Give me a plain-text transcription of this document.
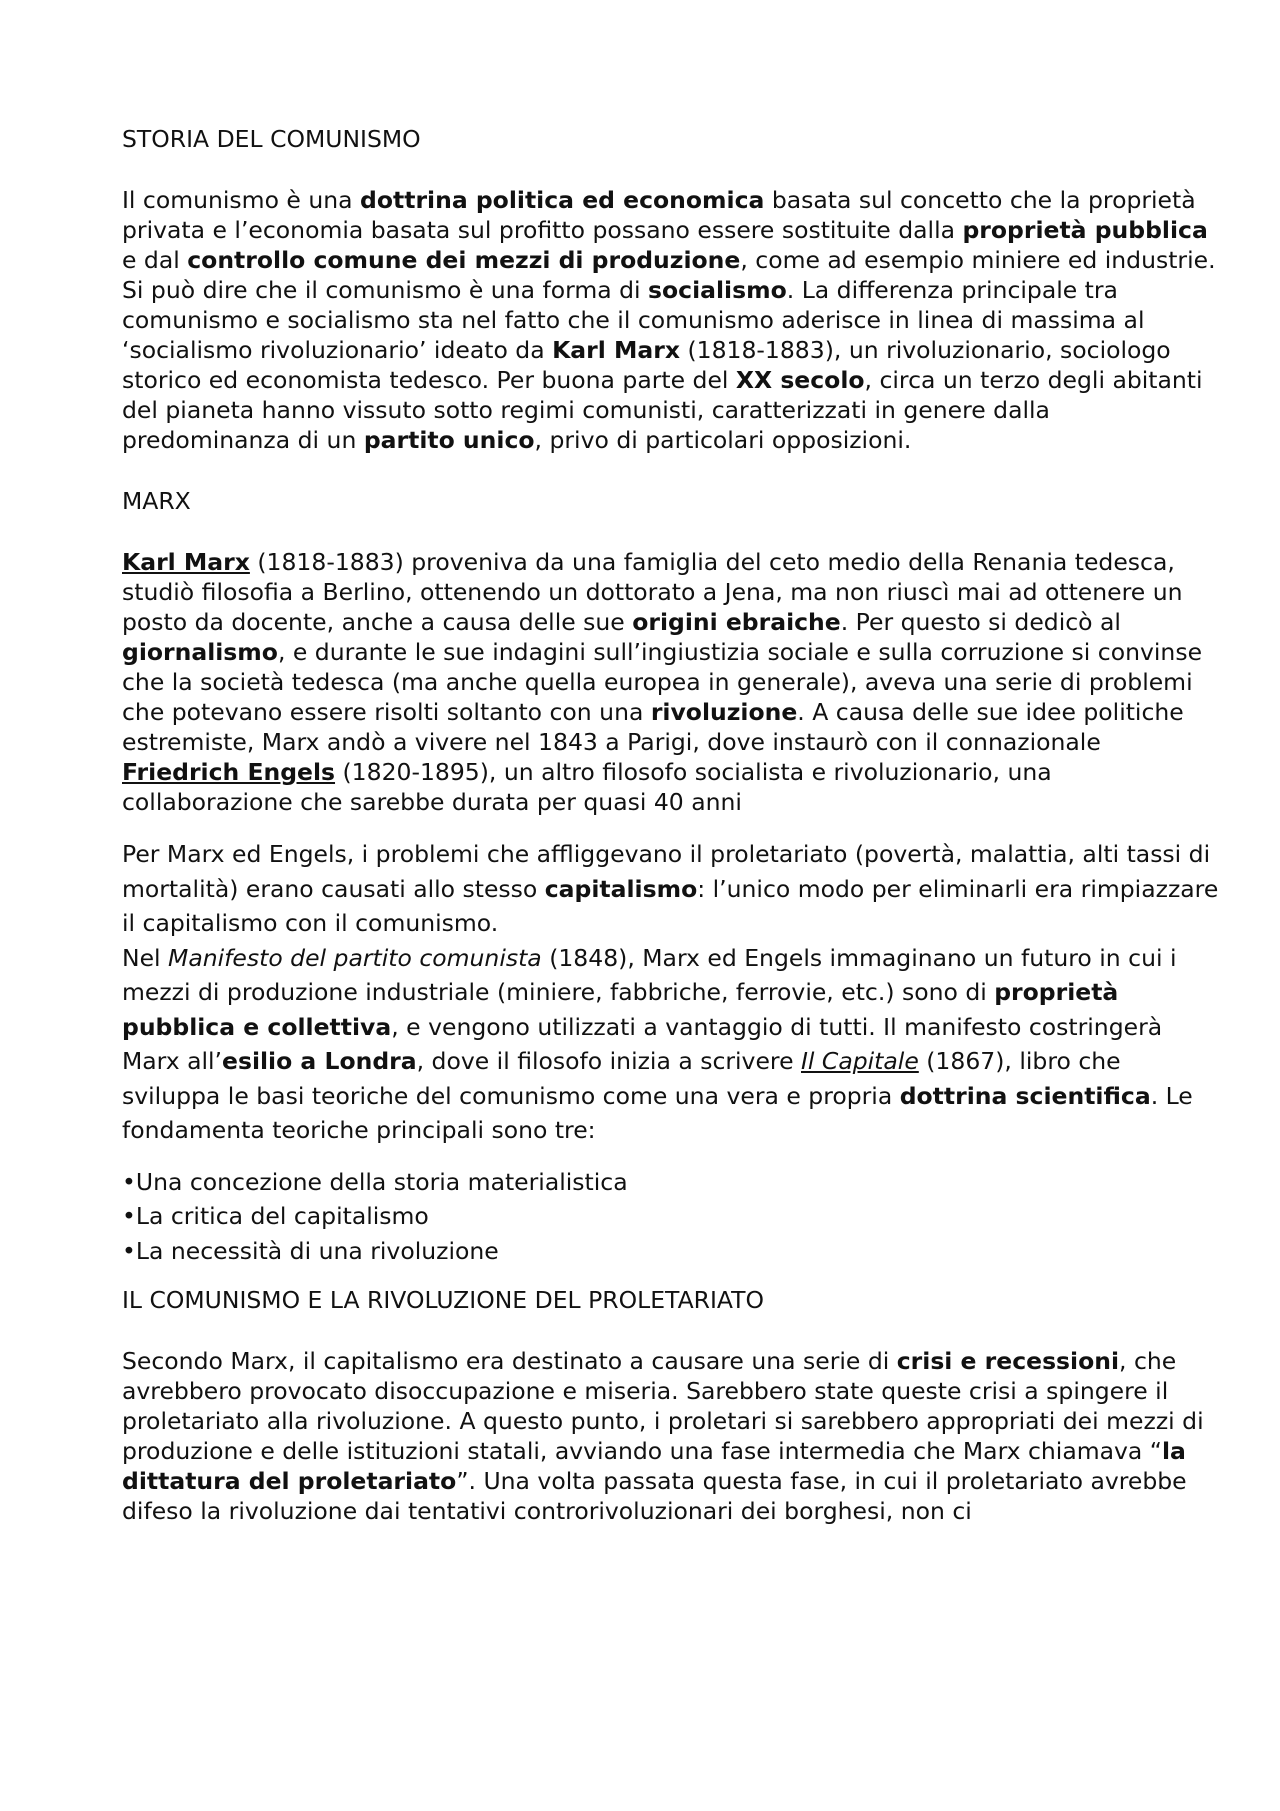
STORIA DEL COMUNISMO

Il comunismo è una dottrina politica ed economica basata sul concetto che la proprietà privata e l’economia basata sul profitto possano essere sostituite dalla proprietà pubblica e dal controllo comune dei mezzi di produzione, come ad esempio miniere ed industrie. Si può dire che il comunismo è una forma di socialismo. La differenza principale tra comunismo e socialismo sta nel fatto che il comunismo aderisce in linea di massima al ‘socialismo rivoluzionario’ ideato da Karl Marx (1818-1883), un rivoluzionario, sociologo storico ed economista tedesco. Per buona parte del XX secolo, circa un terzo degli abitanti del pianeta hanno vissuto sotto regimi comunisti, caratterizzati in genere dalla predominanza di un partito unico, privo di particolari opposizioni.

MARX

Karl Marx (1818-1883) proveniva da una famiglia del ceto medio della Renania tedesca, studiò filosofia a Berlino, ottenendo un dottorato a Jena, ma non riuscì mai ad ottenere un posto da docente, anche a causa delle sue origini ebraiche. Per questo si dedicò al giornalismo, e durante le sue indagini sull’ingiustizia sociale e sulla corruzione si convinse che la società tedesca (ma anche quella europea in generale), aveva una serie di problemi che potevano essere risolti soltanto con una rivoluzione. A causa delle sue idee politiche estremiste, Marx andò a vivere nel 1843 a Parigi, dove instaurò con il connazionale Friedrich Engels (1820-1895), un altro filosofo socialista e rivoluzionario, una collaborazione che sarebbe durata per quasi 40 anni

Per Marx ed Engels, i problemi che affliggevano il proletariato (povertà, malattia, alti tassi di mortalità) erano causati allo stesso capitalismo: l’unico modo per eliminarli era rimpiazzare il capitalismo con il comunismo.
Nel Manifesto del partito comunista (1848), Marx ed Engels immaginano un futuro in cui i mezzi di produzione industriale (miniere, fabbriche, ferrovie, etc.) sono di proprietà pubblica e collettiva, e vengono utilizzati a vantaggio di tutti. Il manifesto costringerà Marx all’esilio a Londra, dove il filosofo inizia a scrivere Il Capitale (1867), libro che sviluppa le basi teoriche del comunismo come una vera e propria dottrina scientifica. Le fondamenta teoriche principali sono tre:

• Una concezione della storia materialistica
• La critica del capitalismo
• La necessità di una rivoluzione
IL COMUNISMO E LA RIVOLUZIONE DEL PROLETARIATO

Secondo Marx, il capitalismo era destinato a causare una serie di crisi e recessioni, che avrebbero provocato disoccupazione e miseria. Sarebbero state queste crisi a spingere il proletariato alla rivoluzione. A questo punto, i proletari si sarebbero appropriati dei mezzi di produzione e delle istituzioni statali, avviando una fase intermedia che Marx chiamava “la dittatura del proletariato”. Una volta passata questa fase, in cui il proletariato avrebbe difeso la rivoluzione dai tentativi controrivoluzionari dei borghesi, non ci
